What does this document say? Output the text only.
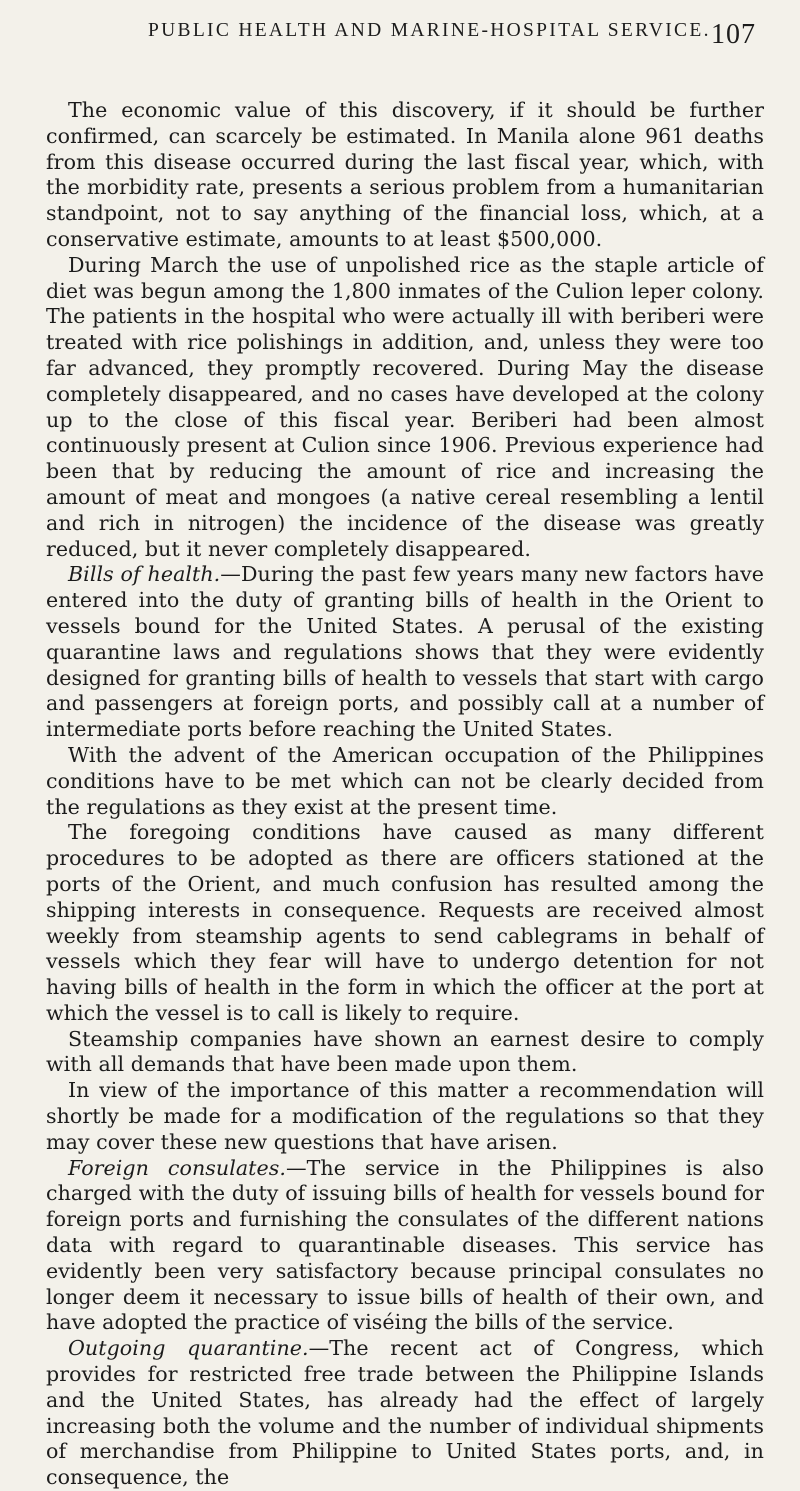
PUBLIC HEALTH AND MARINE-HOSPITAL SERVICE. 107

The economic value of this discovery, if it should be further confirmed, can scarcely be estimated. In Manila alone 961 deaths from this disease occurred during the last fiscal year, which, with the morbidity rate, presents a serious problem from a humanitarian standpoint, not to say anything of the financial loss, which, at a conservative estimate, amounts to at least $500,000.

During March the use of unpolished rice as the staple article of diet was begun among the 1,800 inmates of the Culion leper colony. The patients in the hospital who were actually ill with beriberi were treated with rice polishings in addition, and, unless they were too far advanced, they promptly recovered. During May the disease completely disappeared, and no cases have developed at the colony up to the close of this fiscal year. Beriberi had been almost continuously present at Culion since 1906. Previous experience had been that by reducing the amount of rice and increasing the amount of meat and mongoes (a native cereal resembling a lentil and rich in nitrogen) the incidence of the disease was greatly reduced, but it never completely disappeared.

Bills of health.—During the past few years many new factors have entered into the duty of granting bills of health in the Orient to vessels bound for the United States. A perusal of the existing quarantine laws and regulations shows that they were evidently designed for granting bills of health to vessels that start with cargo and passengers at foreign ports, and possibly call at a number of intermediate ports before reaching the United States.

With the advent of the American occupation of the Philippines conditions have to be met which can not be clearly decided from the regulations as they exist at the present time.

The foregoing conditions have caused as many different procedures to be adopted as there are officers stationed at the ports of the Orient, and much confusion has resulted among the shipping interests in consequence. Requests are received almost weekly from steamship agents to send cablegrams in behalf of vessels which they fear will have to undergo detention for not having bills of health in the form in which the officer at the port at which the vessel is to call is likely to require.

Steamship companies have shown an earnest desire to comply with all demands that have been made upon them.

In view of the importance of this matter a recommendation will shortly be made for a modification of the regulations so that they may cover these new questions that have arisen.

Foreign consulates.—The service in the Philippines is also charged with the duty of issuing bills of health for vessels bound for foreign ports and furnishing the consulates of the different nations data with regard to quarantinable diseases. This service has evidently been very satisfactory because principal consulates no longer deem it necessary to issue bills of health of their own, and have adopted the practice of viséing the bills of the service.

Outgoing quarantine.—The recent act of Congress, which provides for restricted free trade between the Philippine Islands and the United States, has already had the effect of largely increasing both the volume and the number of individual shipments of merchandise from Philippine to United States ports, and, in consequence, the
